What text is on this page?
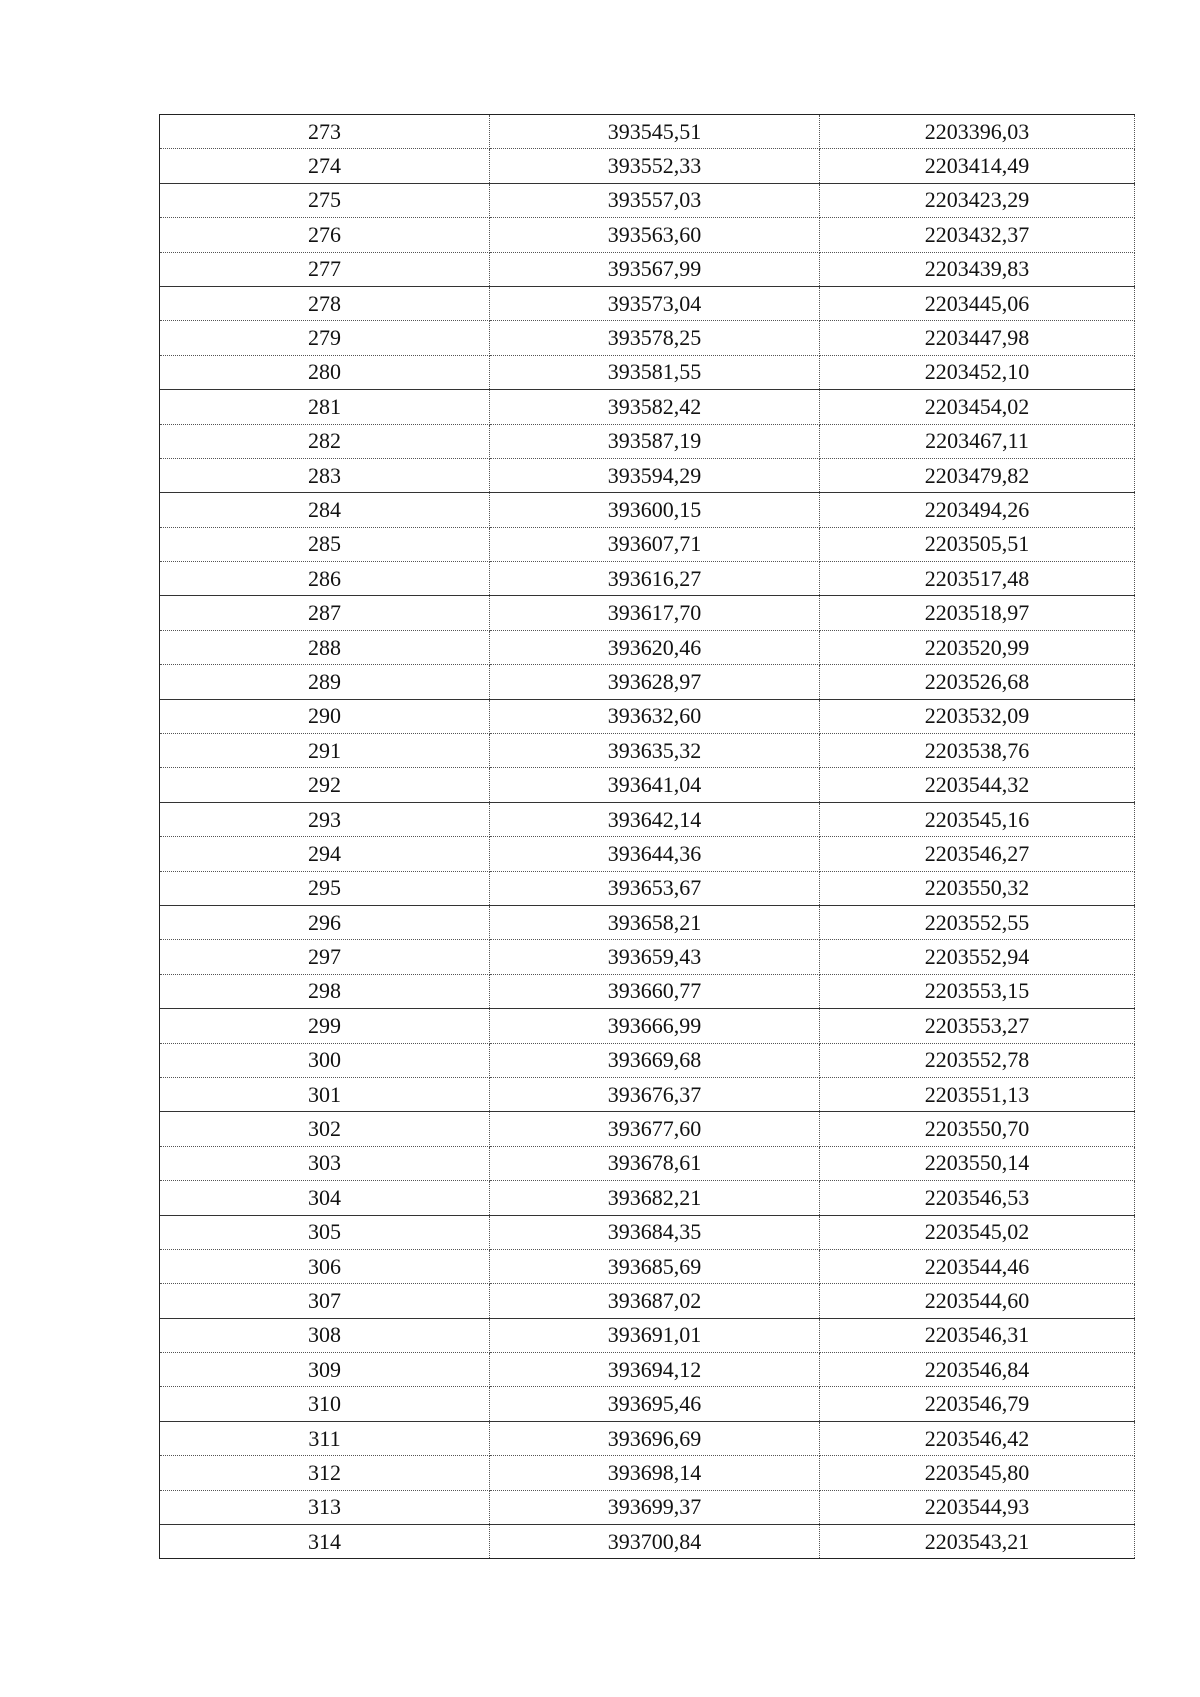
273	393545,51	2203396,03
274	393552,33	2203414,49
275	393557,03	2203423,29
276	393563,60	2203432,37
277	393567,99	2203439,83
278	393573,04	2203445,06
279	393578,25	2203447,98
280	393581,55	2203452,10
281	393582,42	2203454,02
282	393587,19	2203467,11
283	393594,29	2203479,82
284	393600,15	2203494,26
285	393607,71	2203505,51
286	393616,27	2203517,48
287	393617,70	2203518,97
288	393620,46	2203520,99
289	393628,97	2203526,68
290	393632,60	2203532,09
291	393635,32	2203538,76
292	393641,04	2203544,32
293	393642,14	2203545,16
294	393644,36	2203546,27
295	393653,67	2203550,32
296	393658,21	2203552,55
297	393659,43	2203552,94
298	393660,77	2203553,15
299	393666,99	2203553,27
300	393669,68	2203552,78
301	393676,37	2203551,13
302	393677,60	2203550,70
303	393678,61	2203550,14
304	393682,21	2203546,53
305	393684,35	2203545,02
306	393685,69	2203544,46
307	393687,02	2203544,60
308	393691,01	2203546,31
309	393694,12	2203546,84
310	393695,46	2203546,79
311	393696,69	2203546,42
312	393698,14	2203545,80
313	393699,37	2203544,93
314	393700,84	2203543,21
